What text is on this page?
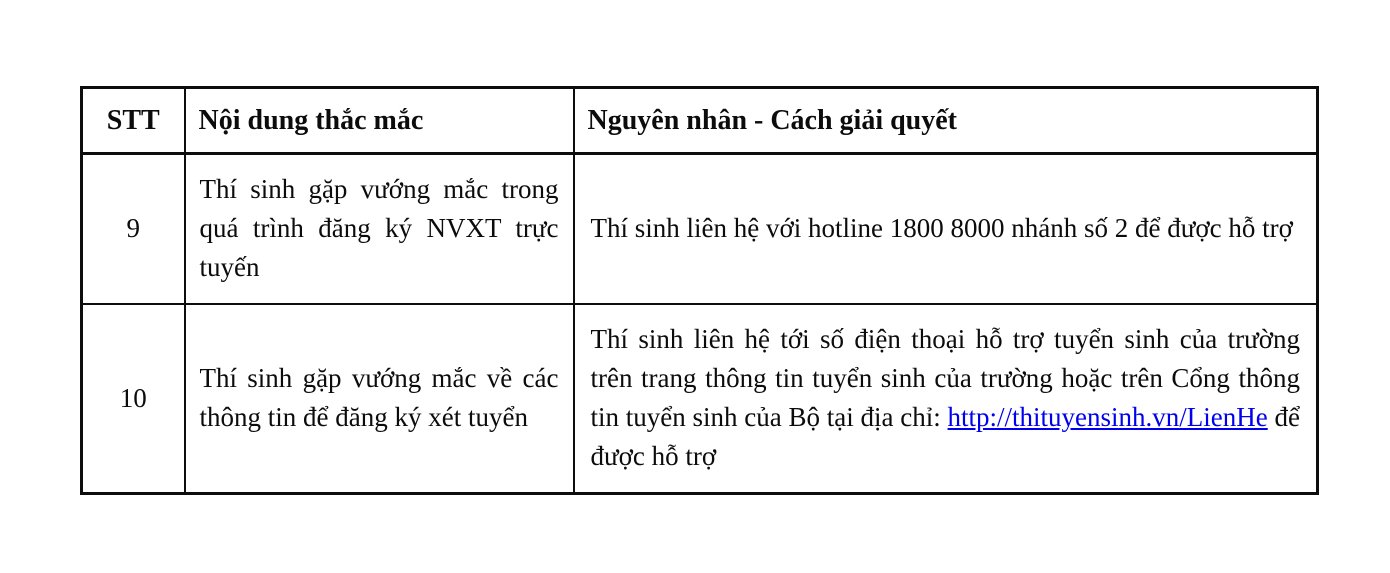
STT	Nội dung thắc mắc	Nguyên nhân - Cách giải quyết
9	Thí sinh gặp vướng mắc trong quá trình đăng ký NVXT trực tuyến	Thí sinh liên hệ với hotline 1800 8000 nhánh số 2 để được hỗ trợ
10	Thí sinh gặp vướng mắc về các thông tin để đăng ký xét tuyển	Thí sinh liên hệ tới số điện thoại hỗ trợ tuyển sinh của trường trên trang thông tin tuyển sinh của trường hoặc trên Cổng thông tin tuyển sinh của Bộ tại địa chỉ: http://thituyensinh.vn/LienHe để được hỗ trợ
